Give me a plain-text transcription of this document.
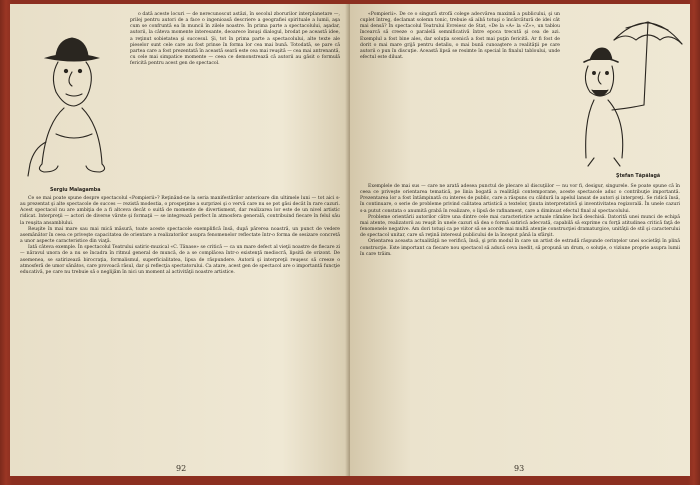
Sergiu Malagamba

o dată aceste locuri — de nerecunoscut astăzi, în secolul zborurilor interplanetare —, prilej pentru autori de a face o ingenioasă descriere a geografiei spirituale a lumii, aşa cum se confruntă ea în muncii în zilele noastre. În prima parte a spectacolului, aşadar, autorii, la câteva momente interesante, deoarece însuşi dialogul, brodat pe această idee, a reţinut sobietatea şi succesul. Şi, tot în prima parte a spectacolului, alte texte ale pieselor sunt cele care au fost prinse în forma lor cea mai bună. Totodată, se pare că partea care a fost prezentată în această seară este cea mai reuşită — cea mai antrenantă, cu cele mai simpatice momente — ceea ce demonstrează că autorii au găsit o formulă fericită pentru acest gen de spectacol.

Ce se mai poate spune despre spectacolul «Pompierii»? Reţinând-ne la seria manifestărilor anterioare din ultimele luni — tot aici s-au prezentat şi alte spectacole de succes — rezistă modestia, o prospeţime a surprizei şi o vervă care nu se pot găsi decât în rare cazuri. Acest spectacol nu are ambiţia de a fi altceva decât o suită de momente de divertisment, dar realizarea lor este de un nivel artistic ridicat. Interpreţii — actori de diverse vârste şi formaţii — se integrează perfect în atmosfera generală, contribuind fiecare în felul său la reuşita ansamblului.

Reuşite în mai mare sau mai mică măsură, toate aceste spectacole exemplifică însă, după părerea noastră, un punct de vedere asemănător în ceea ce priveşte capacitatea de orientare a realizatorilor asupra fenomenelor reflectate într-o forma de sesizare concretă a unor aspecte caracteristice din viaţă.

Iată câteva exemple. În spectacolul Teatrului satiric-muzical «C. Tănase» se critică — ca un mare defect al vieţii noastre de fiecare zi — năravul unora de a nu se încadra în ritmul general de muncă, de a se complăcea într-o existenţă mediocră, lipsită de orizont. De asemenea, se satirizează birocraţia, formalismul, superficialitatea, lipsa de răspundere. Autorii şi interpreţii reuşesc să creeze o atmosferă de umor sănătos, care provoacă râsul, dar şi reflecţia spectatorului. Ca atare, acest gen de spectacol are o importantă funcţie educativă, pe care nu trebuie să o neglijăm în nici un moment al activităţii noastre artistice.

92

«Pompierii». De ce o singură strofă colege adecvărea maximă a publicului, şi un cuplet întreg, declamat solemn tonic, trebuie să aibă totuşi o încărcătură de idei cât mai densă? În spectacolul Teatrului Evreiesc de Stat, «De la «A» la «Z»», un tablou încearcă să creeze o paralelă semnificativă între epoca trecută şi cea de azi. Exemplul a fost bine ales, dar soluţia scenică a fost mai puţin fericită. Ar fi fost de dorit o mai mare grijă pentru detaliu, o mai bună cunoaştere a realităţii pe care autorii o pun în discuţie. Această lipsă se resimte în special în finalul tabloului, unde efectul este diluat.

Ştefan Tăpălagă

Exemplele de mai sus — care ne arată adesea punctul de plecare al discuţiilor — nu vor fi, desigur, singurele. Se poate spune că în ceea ce priveşte orientarea tematică, pe linia bogată a realităţii contemporane, aceste spectacole aduc o contribuţie importantă. Prezentarea lor a fost întâmpinată cu interes de public, care a răspuns cu căldură la apelul lansat de autori şi interpreţi. Se ridică însă, în continuare, o serie de probleme privind calitatea artistică a textelor, ţinuta interpretativă şi inventivitatea regizorală. În unele cazuri s-a putut constata o anumită grabă în realizare, o lipsă de rafinament, care a diminuat efectul final al spectacolului.

Probleme orientării autorilor către una dintre cele mai caracteristice actuale rămâne încă deschisă. Datorită unei munci de echipă mai atente, realizatorii au reuşit în unele cazuri să dea o formă satirică adecvată, capabilă să exprime cu forţă atitudinea critică faţă de fenomenele negative. Am dori totuşi ca pe viitor să se acorde mai multă atenţie construcţiei dramaturgice, unităţii de stil şi caracterului de spectacol unitar, care să reţină interesul publicului de la început până la sfârşit.

Orientarea aceasta actualităţii ne verifică, însă, şi prin modul în care un artist de estradă răspunde cerinţelor unei societăţi în plină construcţie. Este important ca fiecare nou spectacol să aducă ceva inedit, să propună un drum, o soluţie, o viziune proprie asupra lumii în care trăim.

93
